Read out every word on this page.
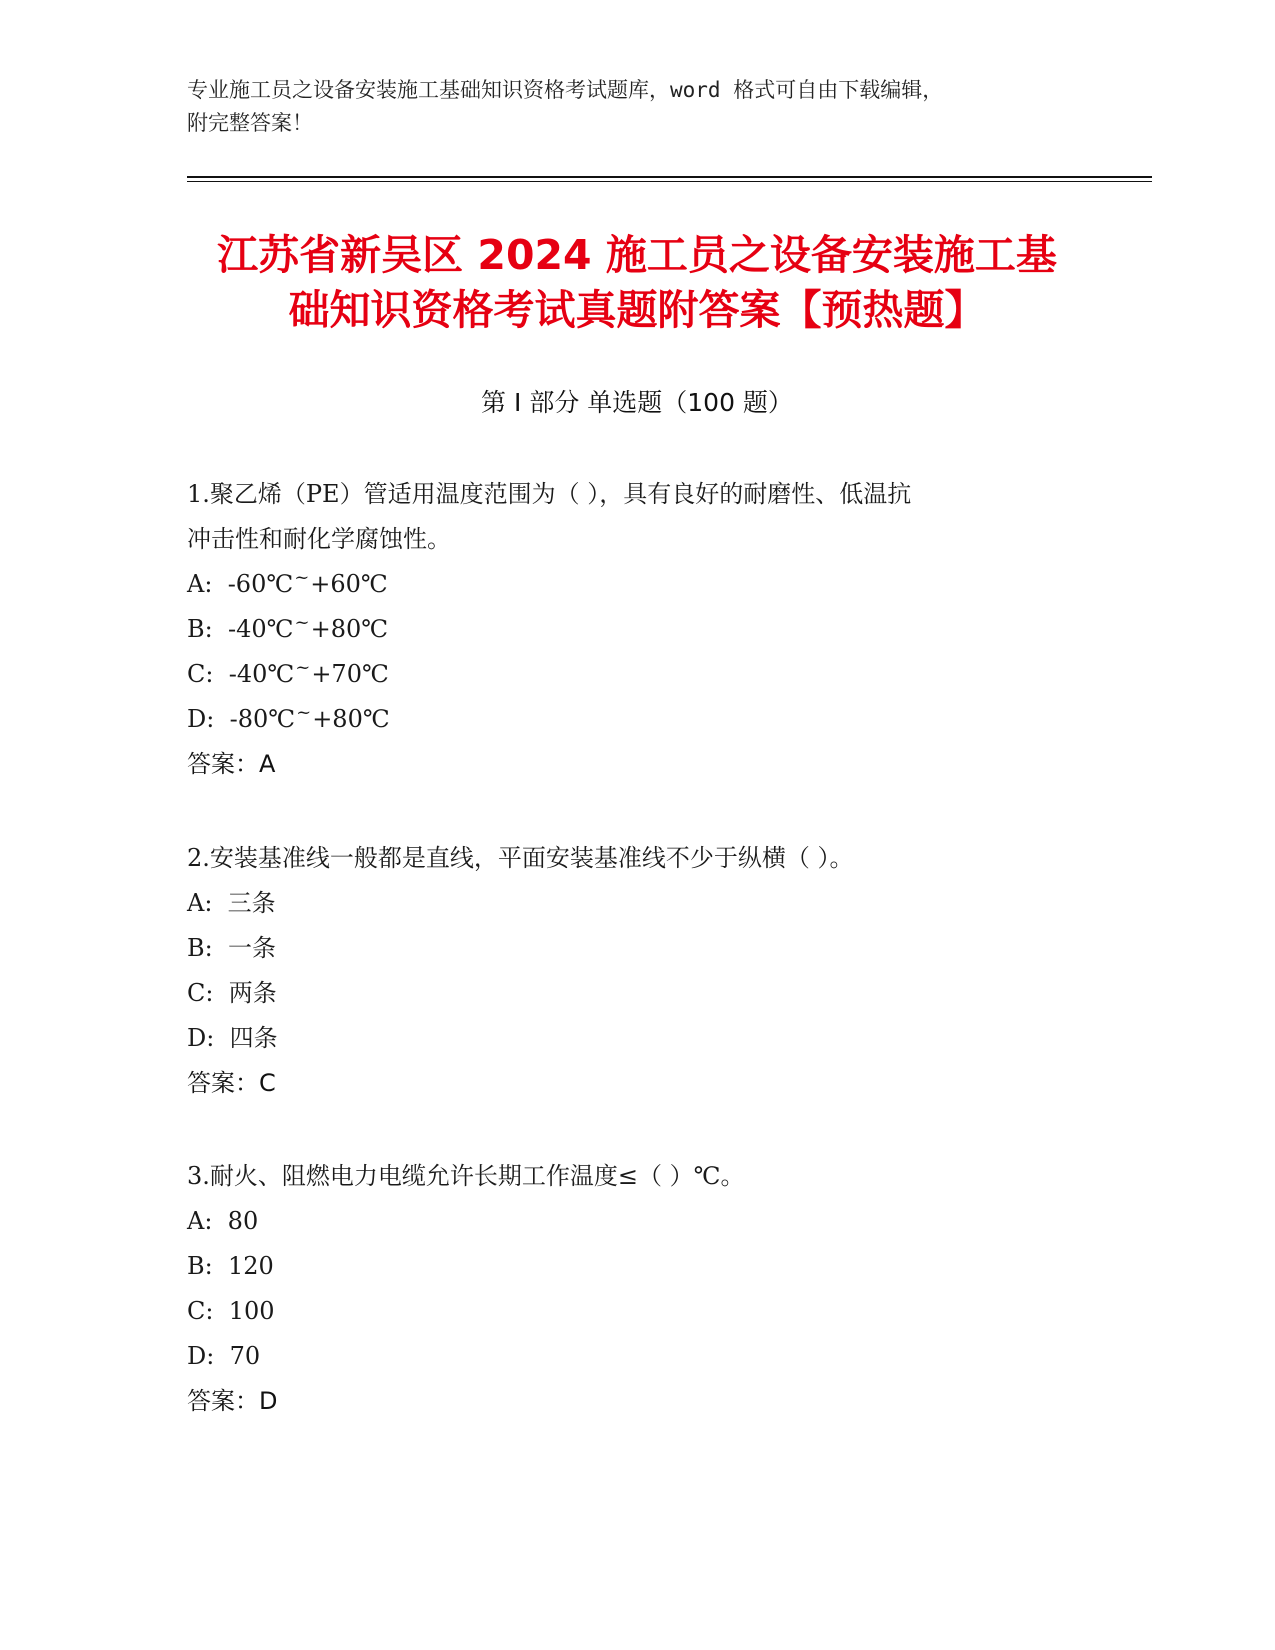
专业施工员之设备安装施工基础知识资格考试题库，word 格式可自由下载编辑，
附完整答案！
江苏省新吴区 2024 施工员之设备安装施工基
础知识资格考试真题附答案【预热题】
第 I 部分 单选题（100 题）
1.聚乙烯（PE）管适用温度范围为（ ），具有良好的耐磨性、低温抗
冲击性和耐化学腐蚀性。
A:  -60℃~+60℃
B:  -40℃~+80℃
C:  -40℃~+70℃
D:  -80℃~+80℃
答案：A
2.安装基准线一般都是直线，平面安装基准线不少于纵横（ ）。
A:  三条
B:  一条
C:  两条
D:  四条
答案：C
3.耐火、阻燃电力电缆允许长期工作温度≤（ ）℃。
A:  80
B:  120
C:  100
D:  70
答案：D
